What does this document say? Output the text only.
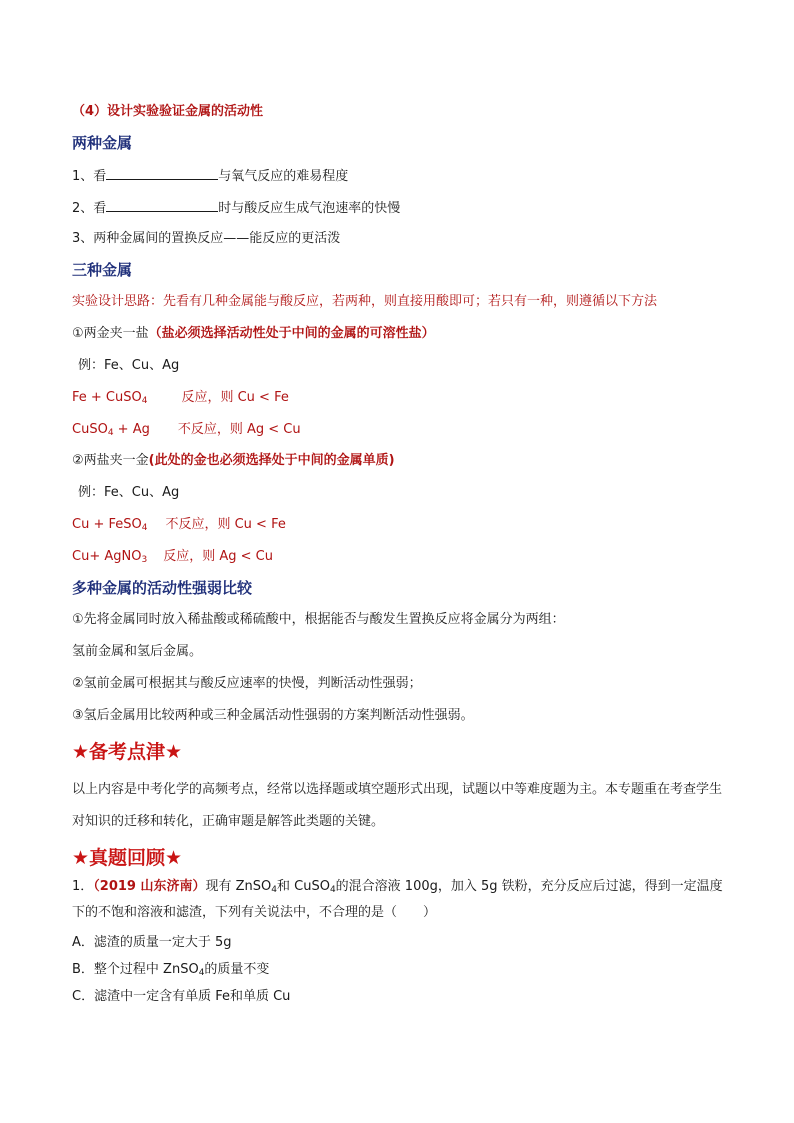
（4）设计实验验证金属的活动性
两种金属
1、看	与氧气反应的难易程度
2、看	时与酸反应生成气泡速率的快慢
3、两种金属间的置换反应——能反应的更活泼
三种金属
实验设计思路：先看有几种金属能与酸反应，若两种，则直接用酸即可；若只有一种，则遵循以下方法
①两金夹一盐（盐必须选择活动性处于中间的金属的可溶性盐）
例：Fe、Cu、Ag
Fe + CuSO$_4$	反应，则 Cu < Fe
CuSO$_4$ + Ag 不反应，则 Ag < Cu
②两盐夹一金(此处的金也必须选择处于中间的金属单质)
例：Fe、Cu、Ag
Cu + FeSO$_4$ 不反应，则 Cu < Fe
Cu+ AgNO$_3$ 反应，则 Ag < Cu
多种金属的活动性强弱比较
①先将金属同时放入稀盐酸或稀硫酸中，根据能否与酸发生置换反应将金属分为两组：
氢前金属和氢后金属。
②氢前金属可根据其与酸反应速率的快慢，判断活动性强弱；
③氢后金属用比较两种或三种金属活动性强弱的方案判断活动性强弱。
★备考点津★
以上内容是中考化学的高频考点，经常以选择题或填空题形式出现，试题以中等难度题为主。本专题重在考查学生对知识的迁移和转化，正确审题是解答此类题的关键。
★真题回顾★
1．（2019 山东济南）现有 ZnSO$_4$和 CuSO$_4$的混合溶液 100g，加入 5g 铁粉，充分反应后过滤，得到一定温度下的不饱和溶液和滤渣，下列有关说法中，不合理的是（　　）
A．滤渣的质量一定大于 5g
B．整个过程中 ZnSO$_4$的质量不变
C．滤渣中一定含有单质 Fe和单质 Cu
